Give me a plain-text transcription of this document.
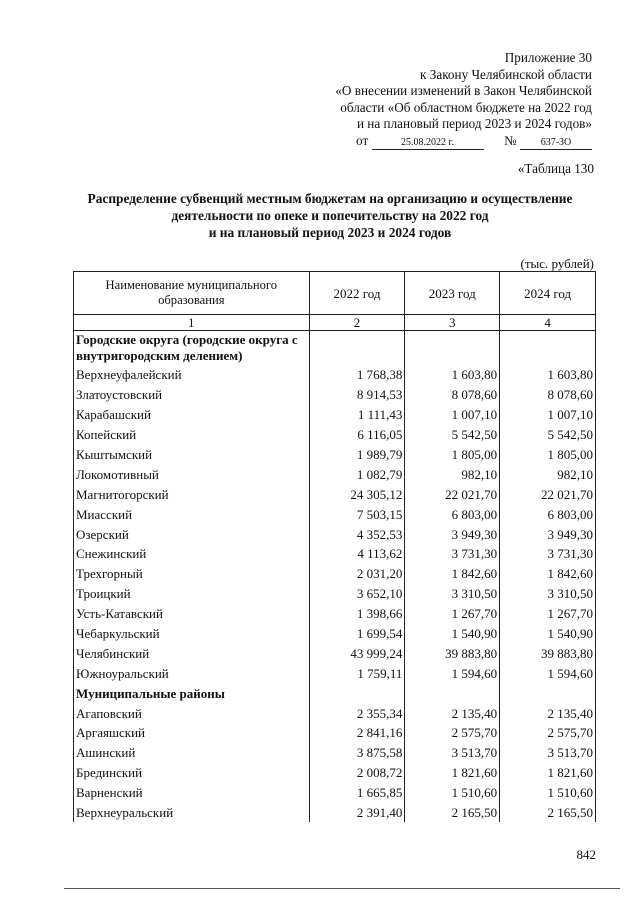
Приложение 30
к Закону Челябинской области
«О внесении изменений в Закон Челябинской
области «Об областном бюджете на 2022 год
и на плановый период 2023 и 2024 годов»
от	25.08.2022 г.	№ 637-ЗО
«Таблица 130
Распределение субвенций местным бюджетам на организацию и осуществление
деятельности по опеке и попечительству на 2022 год
и на плановый период 2023 и 2024 годов
(тыс. рублей)
Наименование муниципального образования	2022 год	2023 год	2024 год
1	2	3	4
Городские округа (городские округа с внутригородским делением)			
Верхнеуфалейский	1 768,38	1 603,80	1 603,80
Златоустовский	8 914,53	8 078,60	8 078,60
Карабашский	1 111,43	1 007,10	1 007,10
Копейский	6 116,05	5 542,50	5 542,50
Кыштымский	1 989,79	1 805,00	1 805,00
Локомотивный	1 082,79	982,10	982,10
Магнитогорский	24 305,12	22 021,70	22 021,70
Миасский	7 503,15	6 803,00	6 803,00
Озерский	4 352,53	3 949,30	3 949,30
Снежинский	4 113,62	3 731,30	3 731,30
Трехгорный	2 031,20	1 842,60	1 842,60
Троицкий	3 652,10	3 310,50	3 310,50
Усть-Катавский	1 398,66	1 267,70	1 267,70
Чебаркульский	1 699,54	1 540,90	1 540,90
Челябинский	43 999,24	39 883,80	39 883,80
Южноуральский	1 759,11	1 594,60	1 594,60
Муниципальные районы			
Агаповский	2 355,34	2 135,40	2 135,40
Аргаяшский	2 841,16	2 575,70	2 575,70
Ашинский	3 875,58	3 513,70	3 513,70
Брединский	2 008,72	1 821,60	1 821,60
Варненский	1 665,85	1 510,60	1 510,60
Верхнеуральский	2 391,40	2 165,50	2 165,50
842
